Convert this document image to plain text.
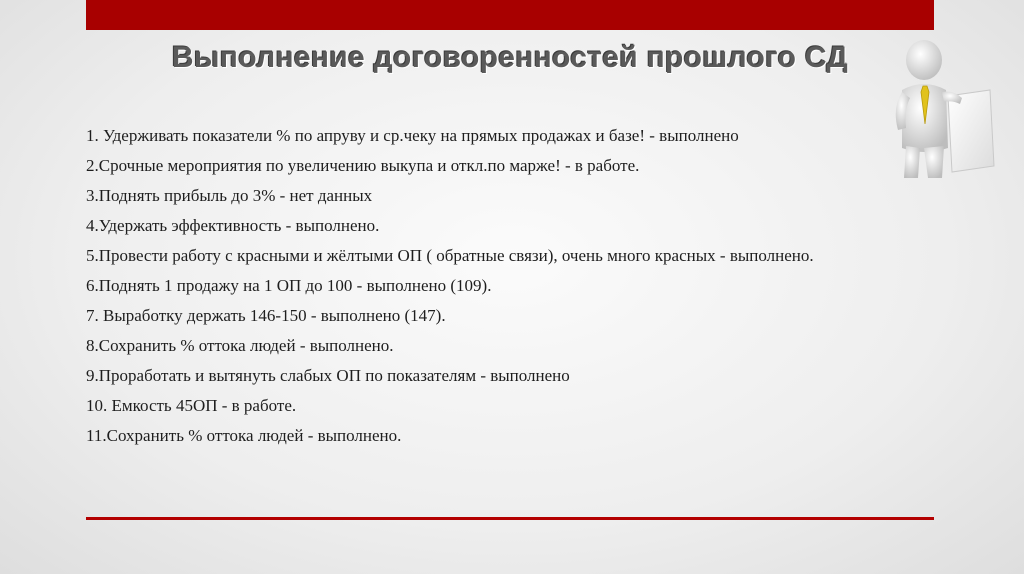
Выполнение договоренностей прошлого СД
1. Удерживать показатели % по апруву и ср.чеку на прямых продажах и базе! - выполнено
2.Срочные мероприятия по увеличению выкупа и откл.по марже! - в работе.
3.Поднять прибыль до 3% - нет данных
4.Удержать эффективность - выполнено.
5.Провести работу с красными и жёлтыми ОП ( обратные связи), очень много красных - выполнено.
6.Поднять 1 продажу на 1 ОП до 100 - выполнено (109).
7. Выработку держать 146-150 - выполнено (147).
8.Сохранить % оттока людей - выполнено.
9.Проработать и вытянуть слабых ОП по показателям - выполнено
10. Емкость 45ОП - в работе.
11.Сохранить % оттока людей - выполнено.
